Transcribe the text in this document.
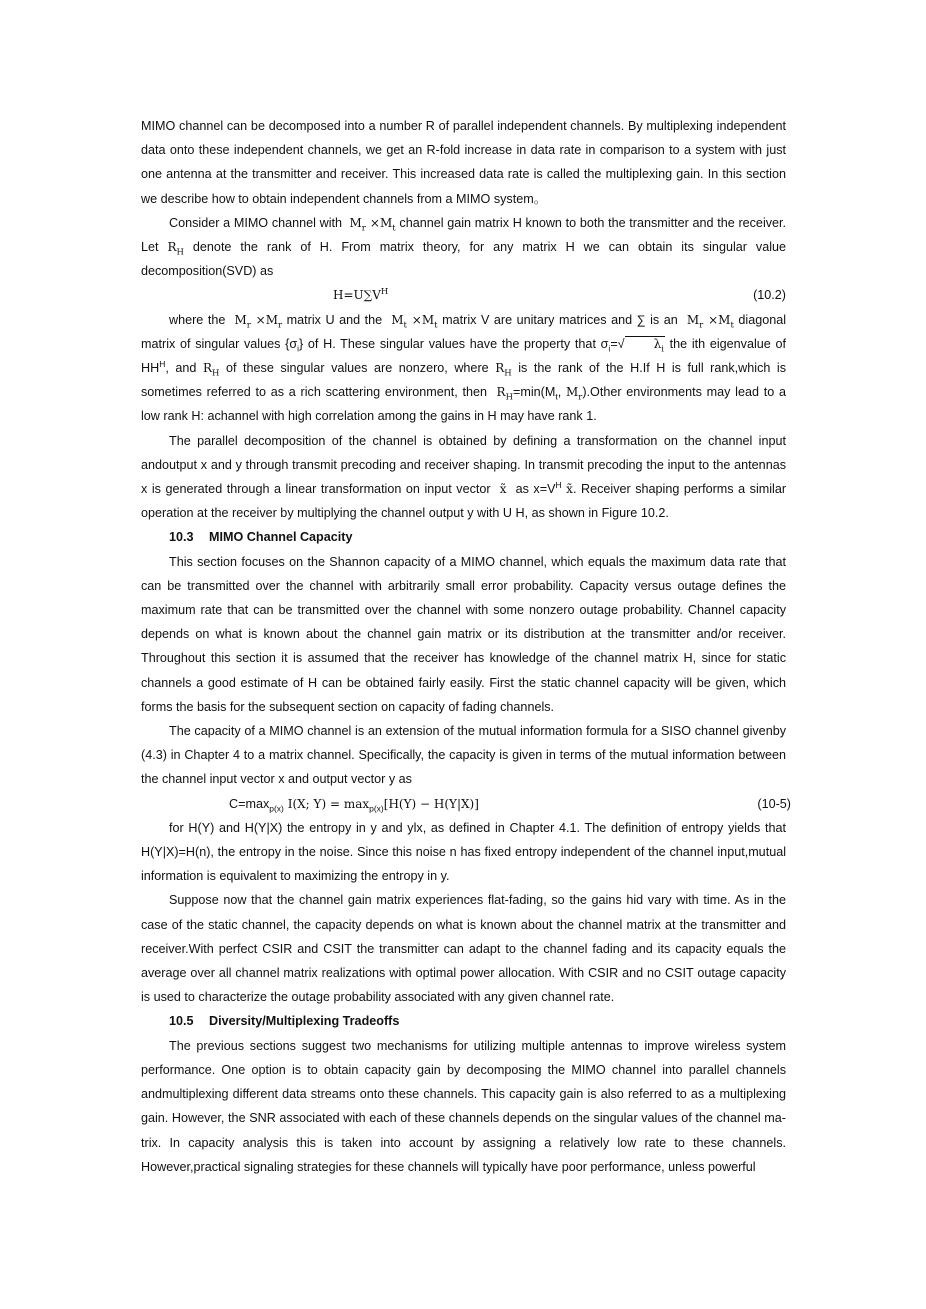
MIMO channel can be decomposed into a number R of parallel independent channels. By multiplexing independent data onto these independent channels, we get an R-fold increase in data rate in comparison to a system with just one antenna at the transmitter and receiver. This increased data rate is called the multiplexing gain. In this section we describe how to obtain independent channels from a MIMO system。

Consider a MIMO channel with $M_r \times M_t$ channel gain matrix H known to both the transmitter and the receiver. Let $R_H$ denote the rank of H. From matrix theory, for any matrix H we can obtain its singular value decomposition(SVD) as

$H=U\sum V^H$	(10.2)

where the $M_r \times M_r$ matrix U and the $M_t \times M_t$ matrix V are unitary matrices and ∑ is an $M_r \times M_t$ diagonal matrix of singular values $\{\sigma_i\}$ of H. These singular values have the property that $\sigma_i=√$ $\lambda_i$ the ith eigenvalue of $HH^H$, and $R_H$ of these singular values are nonzero, where $R_H$ is the rank of the H.If H is full rank,which is sometimes referred to as a rich scattering environment, then $R_H=\min(M_t$, $M_r).Other$ environments may lead to a low rank H: achannel with high correlation among the gains in H may have rank 1.

The parallel decomposition of the channel is obtained by defining a transformation on the channel input andoutput x and y through transmit precoding and receiver shaping. In transmit precoding the input to the antennas x is generated through a linear transformation on input vector x̃ as $x=V^H$ x̃. Receiver shaping performs a similar operation at the receiver by multiplying the channel output y with U H, as shown in Figure 10.2.

10.3 MIMO Channel Capacity

This section focuses on the Shannon capacity of a MIMO channel, which equals the maximum data rate that can be transmitted over the channel with arbitrarily small error probability. Capacity versus outage defines the maximum rate that can be transmitted over the channel with some nonzero outage probability. Channel capacity depends on what is known about the channel gain matrix or its distribution at the transmitter and/or receiver. Throughout this section it is assumed that the receiver has knowledge of the channel matrix H, since for static channels a good estimate of H can be obtained fairly easily. First the static channel capacity will be given, which forms the basis for the subsequent section on capacity of fading channels.

The capacity of a MIMO channel is an extension of the mutual information formula for a SISO channel givenby (4.3) in Chapter 4 to a matrix channel. Specifically, the capacity is given in terms of the mutual information between the channel input vector x and output vector y as

$C=\max_{p(x)}$ I(X; $Y) = \max_{p(x)}[H(Y) - H(Y|X)]$	(10-5)

for H(Y) and H(Y|X) the entropy in y and ylx, as defined in Chapter 4.1. The definition of entropy yields that H(Y|X)=H(n), the entropy in the noise. Since this noise n has fixed entropy independent of the channel input,mutual information is equivalent to maximizing the entropy in y.

Suppose now that the channel gain matrix experiences flat-fading, so the gains hid vary with time. As in the case of the static channel, the capacity depends on what is known about the channel matrix at the transmitter and receiver.With perfect CSIR and CSIT the transmitter can adapt to the channel fading and its capacity equals the average over all channel matrix realizations with optimal power allocation. With CSIR and no CSIT outage capacity is used to characterize the outage probability associated with any given channel rate.

10.5 Diversity/Multiplexing Tradeoffs

The previous sections suggest two mechanisms for utilizing multiple antennas to improve wireless system performance. One option is to obtain capacity gain by decomposing the MIMO channel into parallel channels andmultiplexing different data streams onto these channels. This capacity gain is also referred to as a multiplexing gain. However, the SNR associated with each of these channels depends on the singular values of the channel ma-trix. In capacity analysis this is taken into account by assigning a relatively low rate to these channels. However,practical signaling strategies for these channels will typically have poor performance, unless powerful
